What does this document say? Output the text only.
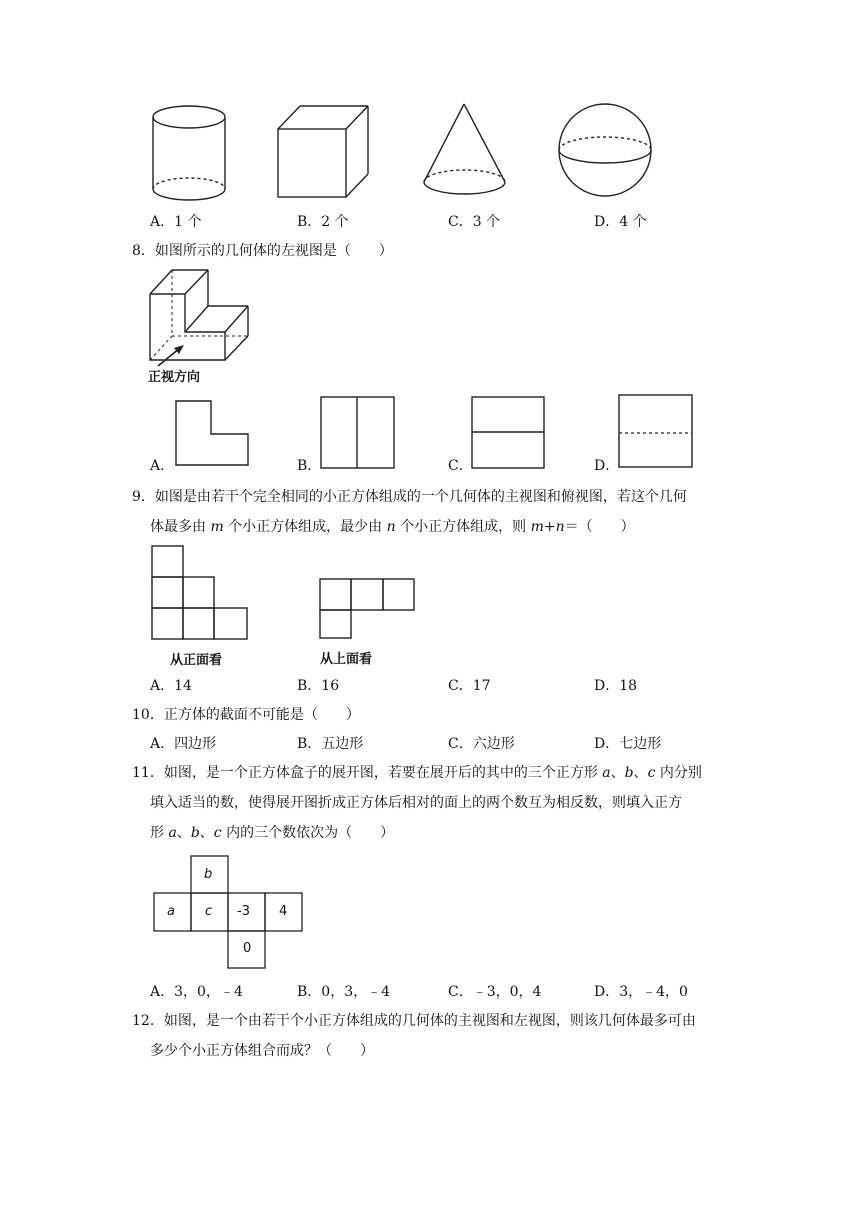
A．1 个	B．2 个	C．3 个	D．4 个
8．如图所示的几何体的左视图是（　　）
正视方向
A．	B．	C．	D．
9．如图是由若干个完全相同的小正方体组成的一个几何体的主视图和俯视图，若这个几何
体最多由 m 个小正方体组成，最少由 n 个小正方体组成，则 m+n＝（　　）
从正面看	从上面看
A．14	B．16	C．17	D．18
10．正方体的截面不可能是（　　）
A．四边形	B．五边形	C．六边形	D．七边形
11．如图，是一个正方体盒子的展开图，若要在展开后的其中的三个正方形 a、b、c 内分别
填入适当的数，使得展开图折成正方体后相对的面上的两个数互为相反数，则填入正方
形 a、b、c 内的三个数依次为（　　）
b
a c -3 4
0
A．3，0，﹣4	B．0，3，﹣4	C．﹣3，0，4	D．3，﹣4，0
12．如图，是一个由若干个小正方体组成的几何体的主视图和左视图，则该几何体最多可由
多少个小正方体组合而成？（　　）
